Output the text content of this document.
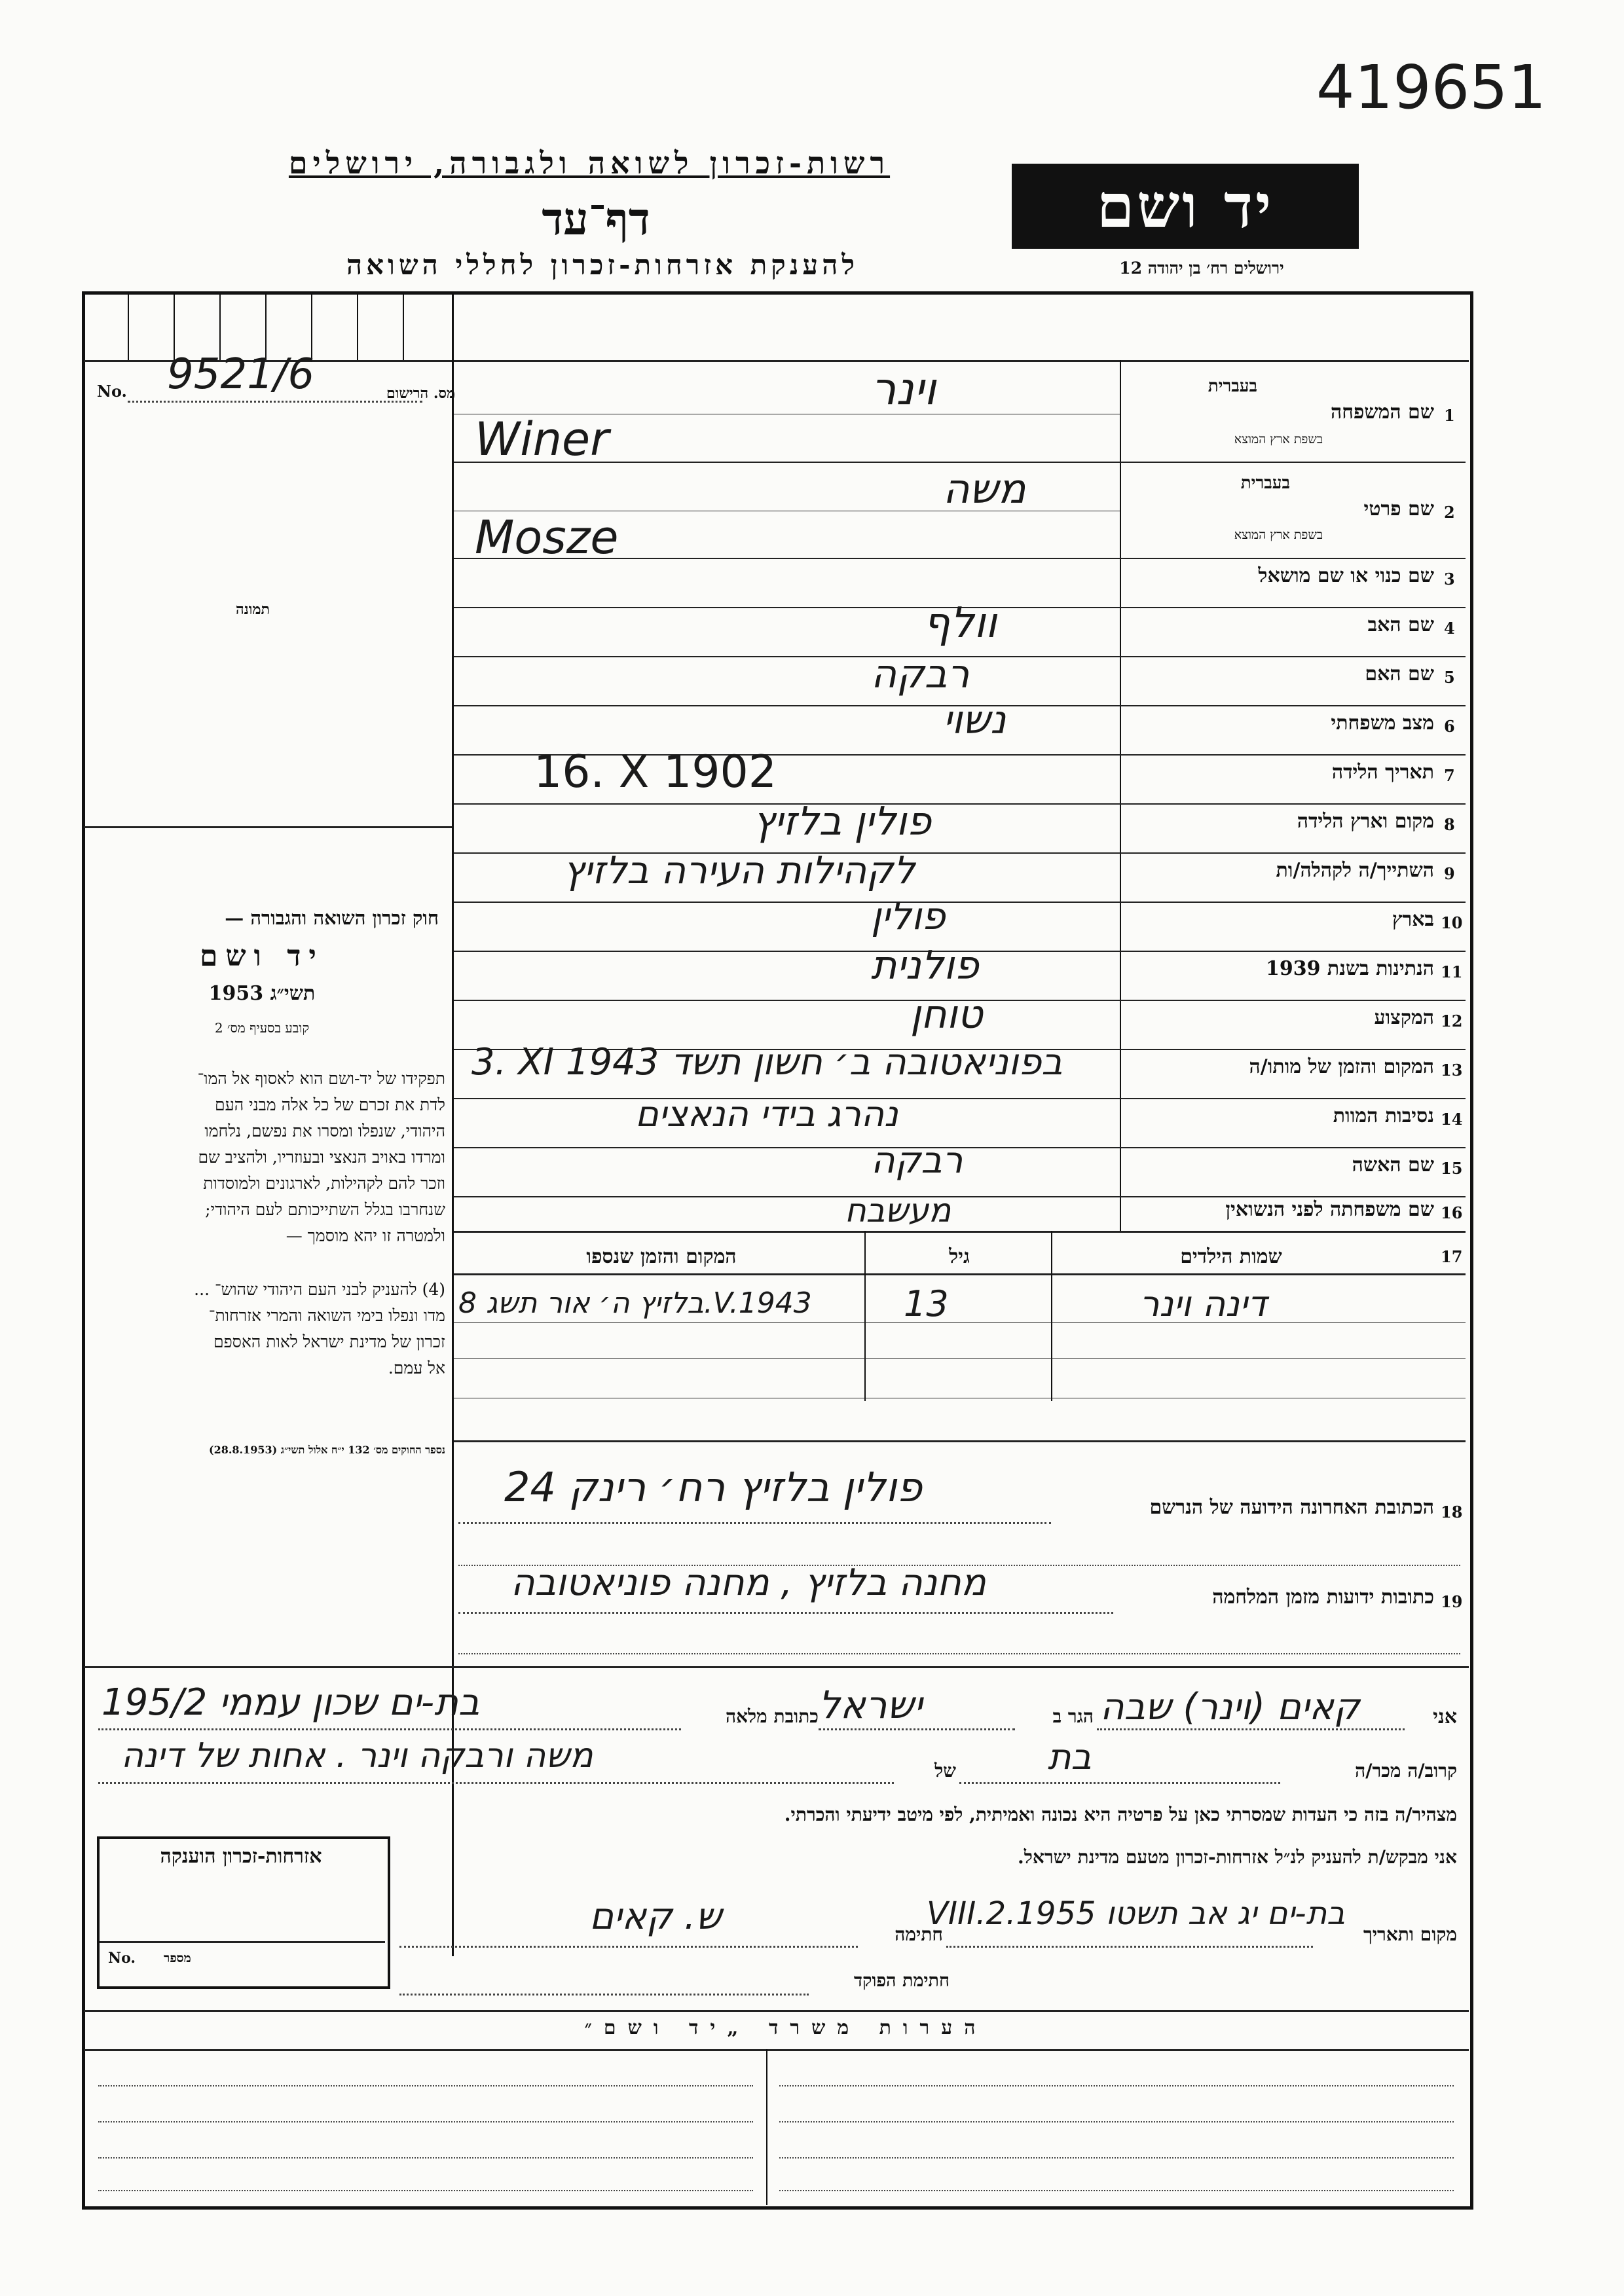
419651
רשות-זכרון לשואה ולגבורה, ירושלים
דף־עד
להענקת אזרחות-זכרון לחללי השואה
יד ושם
ירושלים רח׳ בן יהודה 12
No. 9521/6	מס. הרישום
תמונה
חוק זכרון השואה והגבורה —
יד ושם
תשי״ג 1953
קובע בסעיף מס׳ 2
תפקידו של יד-ושם הוא לאסוף אל המו־
לדת את זכרם של כל אלה מבני העם
היהודי, שנפלו ומסרו את נפשם, נלחמו
ומרדו באויב הנאצי ובעוזריו, ולהציב שם
וזכר להם לקהילות, לארגונים ולמוסדות
שנחרבו בגלל השתייכותם לעם היהודי;
ולמטרה זו יהא מוסמך —
(4) להעניק לבני העם היהודי שהוש־ ...
מדו ונפלו בימי השואה והמרי אזרחות־
זכרון של מדינת ישראל לאות האספם
אל עמם.
נספר החוקים מס׳ 132 י״ח אלול תשי״ג (28.8.1953)
1
שם המשפחה
בעברית
בשפת ארץ המוצא
וינר
Winer
2
שם פרטי
בעברית
בשפת ארץ המוצא
משה
Mosze
3
שם כנוי או שם מושאל
4
שם האב
וולף
5
שם האם
רבקה
6
מצב משפחתי
נשוי
7
תאריך הלידה
16. X 1902
8
מקום וארץ הלידה
פולין בלזיץ
9
השתייך/ה לקהלה/ות
לקהילות העירה בלזיץ
10
בארץ
פולין
11
הנתינות בשנת 1939
פולנית
12
המקצוע
טוחן
13
המקום והזמן של מותו/ה
3. XI 1943 בפוניאטובה ב׳ חשון תשד
14
נסיבות המוות
נהרג בידי הנאצים
15
שם האשה
רבקה
16
שם משפחתה לפני הנשואין
מעשבח
17
שמות הילדים
גיל
המקום והזמן שנספו
דינה וינר
13
בלזיץ ה׳ אור תשג 8.V.1943
18
הכתובת האחרונה הידועה של הנרשם
פולין בלזיץ רח׳ רינק 24
19
כתובות ידועות מזמן המלחמה
מחנה בלזיץ , מחנה פוניאטובה
אני
קאים (וינר) שבה
הגר ב
ישראל
כתובת מלאה
בת-ים שכון עממי 195/2
קרוב/ה מכר/ה
בת
של
משה ורבקה וינר . אחות של דינה
מצהיר/ה בזה כי העדות שמסרתי כאן על פרטיה היא נכונה ואמיתית, לפי מיטב ידיעתי והכרתי.
אני מבקש/ת להעניק לנ״ל אזרחות-זכרון מטעם מדינת ישראל.
מקום ותאריך
בת-ים יג אב תשטו 1955.VIII.2
חתימה
ש. קאים
חתימת הפוקד
אזרחות-זכרון הוענקה
No. מספר
הערות משרד „יד ושם״
